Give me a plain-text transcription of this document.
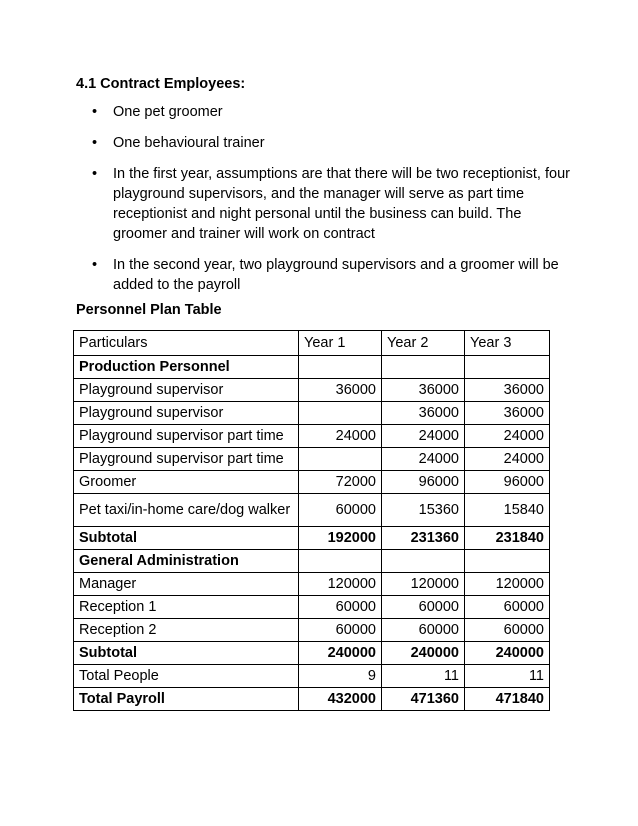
4.1 Contract Employees:
• One pet groomer
• One behavioural trainer
• In the first year, assumptions are that there will be two receptionist, four playground supervisors, and the manager will serve as part time receptionist and night personal until the business can build. The groomer and trainer will work on contract
• In the second year, two playground supervisors and a groomer will be added to the payroll
Personnel Plan Table
Particulars	Year 1	Year 2	Year 3
Production Personnel			
Playground supervisor	36000	36000	36000
Playground supervisor		36000	36000
Playground supervisor part time	24000	24000	24000
Playground supervisor part time		24000	24000
Groomer	72000	96000	96000
Pet taxi/in-home care/dog walker	60000	15360	15840
Subtotal	192000	231360	231840
General Administration			
Manager	120000	120000	120000
Reception 1	60000	60000	60000
Reception 2	60000	60000	60000
Subtotal	240000	240000	240000
Total People	9	11	11
Total Payroll	432000	471360	471840
